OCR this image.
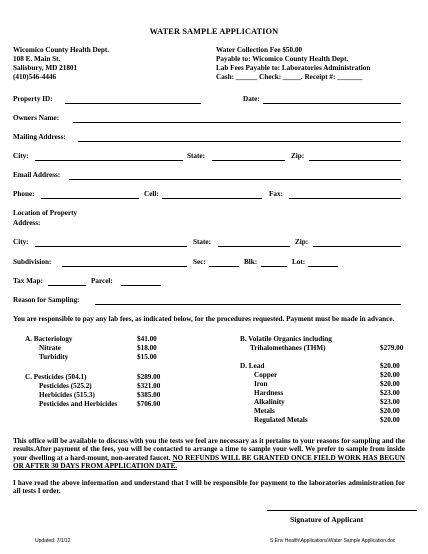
WATER SAMPLE APPLICATION
Wicomico County Health Dept.
108 E. Main St.
Salisbury, MD 21801
(410)546-4446
Water Collection Fee $50.00
Payable to: Wicomico County Health Dept.
Lab Fees Payable to: Laboratories Administration
Cash: ______ Check: _____. Receipt #: _______
Property ID:	Date:
Owners Name:
Mailing Address:
City:	State:	Zip:
Email Address:
Phone:	Cell:	Fax:
Location of Property
Address:
City:	State:	Zip:
Subdivision:	Sec:	Blk:	Lot:
Tax Map:	Parcel:
Reason for Sampling:
You are responsible to pay any lab fees, as indicated below, for the procedures requested. Payment must be made in advance.
A. Bacteriology	$41.00
Nitrate	$18.00
Turbidity	$15.00
C. Pesticides (504.1)	$289.00
Pesticides (525.2)	$321.00
Herbicides (515.3)	$385.00
Pesticides and Herbicides	$706.00
B. Volatile Organics including
Trihalomethanes (THM)	$279.00
D. Lead	$20.00
Copper	$20.00
Iron	$20.00
Hardness	$23.00
Alkalinity	$23.00
Metals	$20.00
Regulated Metals	$20.00
This office will be available to discuss with you the tests we feel are necessary as it pertains to your reasons for sampling and the results.After payment of the fees, you will be contacted to arrange a time to sample your well. We prefer to sample from inside your dwelling at a hard-mount, non-aerated faucet. NO REFUNDS WILL BE GRANTED ONCE FIELD WORK HAS BEGUN OR AFTER 30 DAYS FROM APPLICATION DATE.
I have read the above information and understand that I will be responsible for payment to the laboratories administration for all tests I order.
Signature of Applicant
Updated: 7/1/12	S:Env Health\Applications\Water Sample Application.doc
